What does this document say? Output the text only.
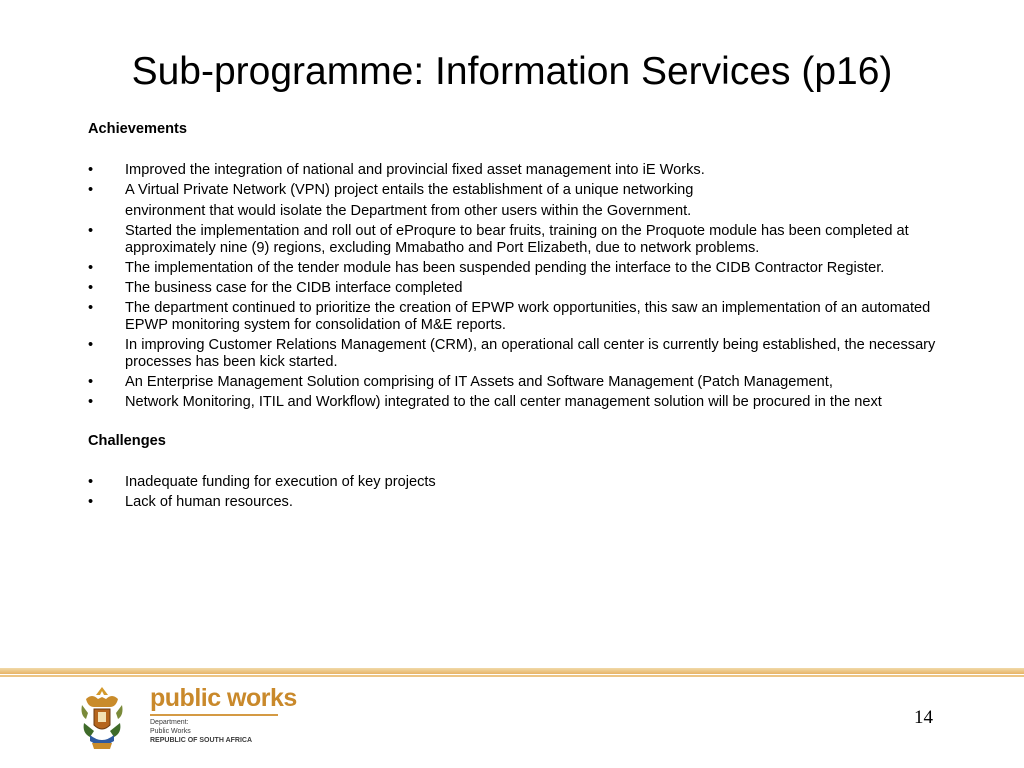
Sub-programme: Information Services (p16)
Achievements
• Improved the integration of national and provincial fixed asset management into iE Works.
• A Virtual Private Network (VPN) project entails the establishment of a unique networking
environment that would isolate the Department from other users within the Government.
• Started the implementation and roll out of eProqure to bear fruits, training on the Proquote module has been completed at approximately nine (9) regions, excluding Mmabatho and Port Elizabeth, due to network problems.
• The implementation of the tender module has been suspended pending the interface to the CIDB Contractor Register.
• The business case for the CIDB interface completed
• The department continued to prioritize the creation of EPWP work opportunities, this saw an implementation of an automated EPWP monitoring system for consolidation of M&E reports.
• In improving Customer Relations Management (CRM), an operational call center is currently being established, the necessary processes has been kick started.
• An Enterprise Management Solution comprising of IT Assets and Software Management (Patch Management,
• Network Monitoring, ITIL and Workflow) integrated to the call center management solution will be procured in the next
Challenges
• Inadequate funding for execution of key projects
• Lack of human resources.
public works
Department:
Public Works
REPUBLIC OF SOUTH AFRICA
14
